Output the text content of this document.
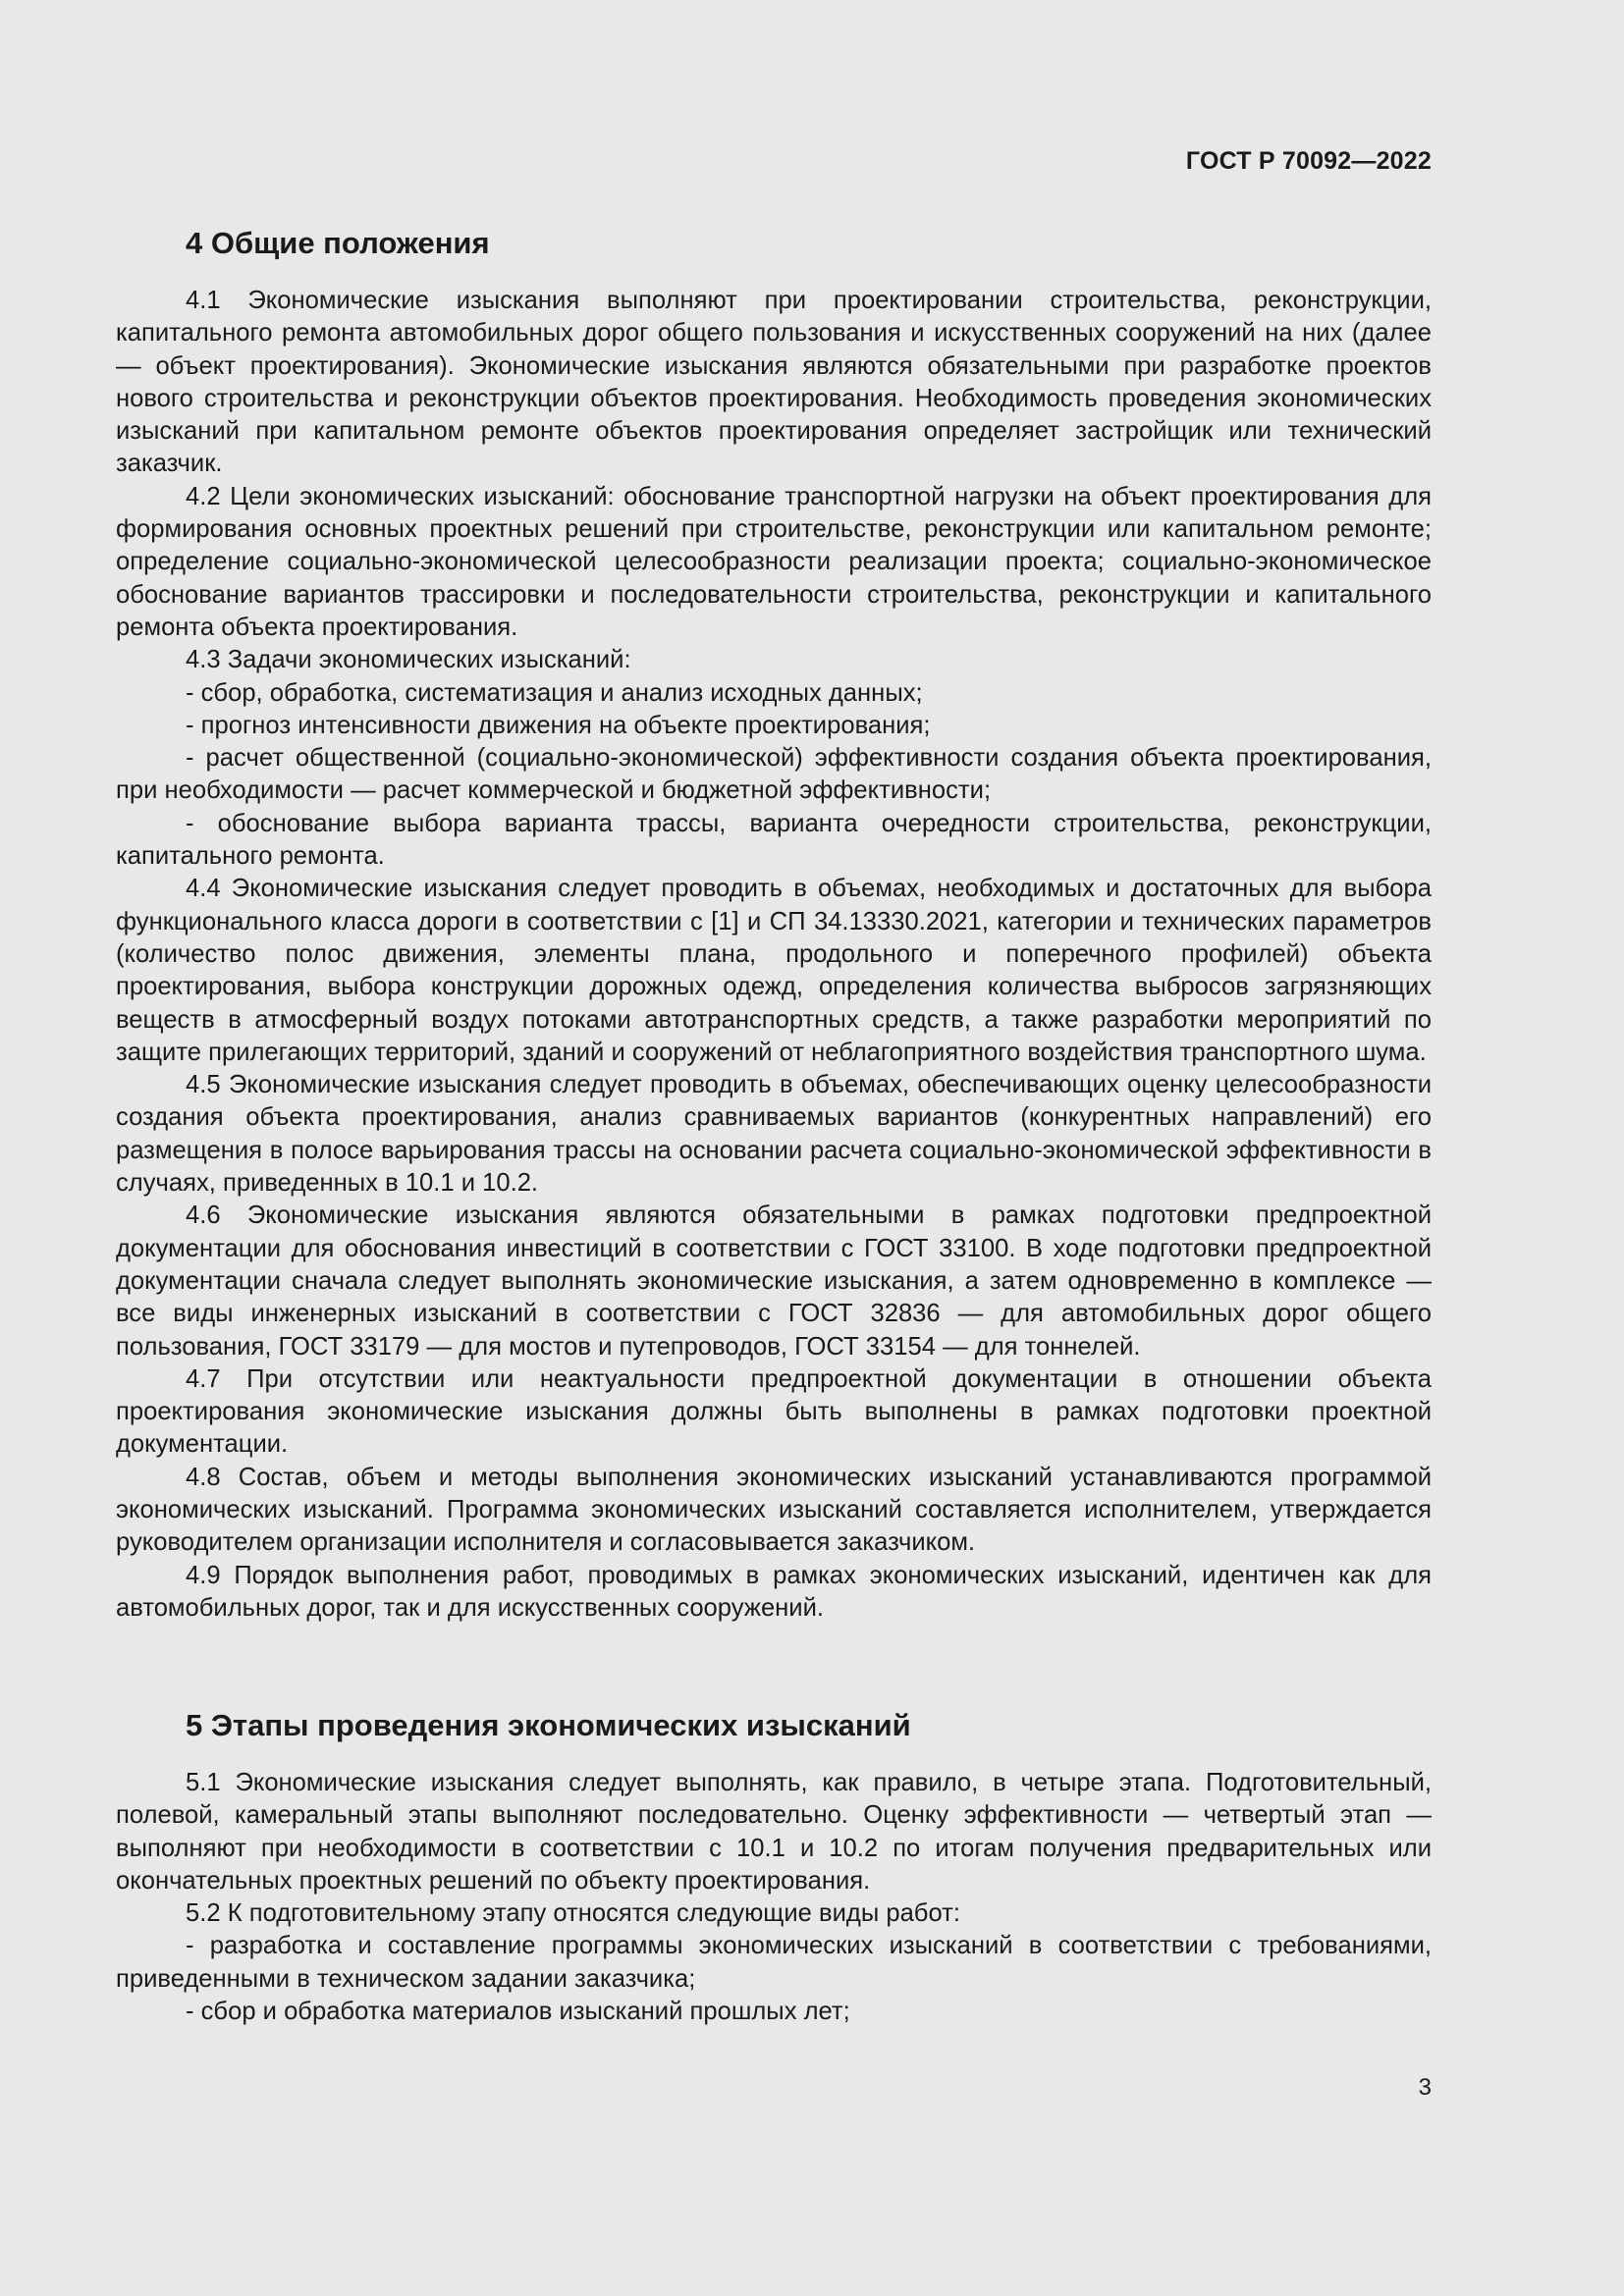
ГОСТ Р 70092—2022
4 Общие положения

4.1 Экономические изыскания выполняют при проектировании строительства, реконструкции, капитального ремонта автомобильных дорог общего пользования и искусственных сооружений на них (далее — объект проектирования). Экономические изыскания являются обязательными при разработке проектов нового строительства и реконструкции объектов проектирования. Необходимость проведения экономических изысканий при капитальном ремонте объектов проектирования определяет застройщик или технический заказчик.

4.2 Цели экономических изысканий: обоснование транспортной нагрузки на объект проектирования для формирования основных проектных решений при строительстве, реконструкции или капитальном ремонте; определение социально-экономической целесообразности реализации проекта; социально-экономическое обоснование вариантов трассировки и последовательности строительства, реконструкции и капитального ремонта объекта проектирования.

4.3 Задачи экономических изысканий:

- сбор, обработка, систематизация и анализ исходных данных;

- прогноз интенсивности движения на объекте проектирования;

- расчет общественной (социально-экономической) эффективности создания объекта проектирования, при необходимости — расчет коммерческой и бюджетной эффективности;

- обоснование выбора варианта трассы, варианта очередности строительства, реконструкции, капитального ремонта.

4.4 Экономические изыскания следует проводить в объемах, необходимых и достаточных для выбора функционального класса дороги в соответствии с [1] и СП 34.13330.2021, категории и технических параметров (количество полос движения, элементы плана, продольного и поперечного профилей) объекта проектирования, выбора конструкции дорожных одежд, определения количества выбросов загрязняющих веществ в атмосферный воздух потоками автотранспортных средств, а также разработки мероприятий по защите прилегающих территорий, зданий и сооружений от неблагоприятного воздействия транспортного шума.

4.5 Экономические изыскания следует проводить в объемах, обеспечивающих оценку целесообразности создания объекта проектирования, анализ сравниваемых вариантов (конкурентных направлений) его размещения в полосе варьирования трассы на основании расчета социально-экономической эффективности в случаях, приведенных в 10.1 и 10.2.

4.6 Экономические изыскания являются обязательными в рамках подготовки предпроектной документации для обоснования инвестиций в соответствии с ГОСТ 33100. В ходе подготовки предпроектной документации сначала следует выполнять экономические изыскания, а затем одновременно в комплексе — все виды инженерных изысканий в соответствии с ГОСТ 32836 — для автомобильных дорог общего пользования, ГОСТ 33179 — для мостов и путепроводов, ГОСТ 33154 — для тоннелей.

4.7 При отсутствии или неактуальности предпроектной документации в отношении объекта проектирования экономические изыскания должны быть выполнены в рамках подготовки проектной документации.

4.8 Состав, объем и методы выполнения экономических изысканий устанавливаются программой экономических изысканий. Программа экономических изысканий составляется исполнителем, утверждается руководителем организации исполнителя и согласовывается заказчиком.

4.9 Порядок выполнения работ, проводимых в рамках экономических изысканий, идентичен как для автомобильных дорог, так и для искусственных сооружений.

5 Этапы проведения экономических изысканий

5.1 Экономические изыскания следует выполнять, как правило, в четыре этапа. Подготовительный, полевой, камеральный этапы выполняют последовательно. Оценку эффективности — четвертый этап — выполняют при необходимости в соответствии с 10.1 и 10.2 по итогам получения предварительных или окончательных проектных решений по объекту проектирования.

5.2 К подготовительному этапу относятся следующие виды работ:

- разработка и составление программы экономических изысканий в соответствии с требованиями, приведенными в техническом задании заказчика;

- сбор и обработка материалов изысканий прошлых лет;

3
